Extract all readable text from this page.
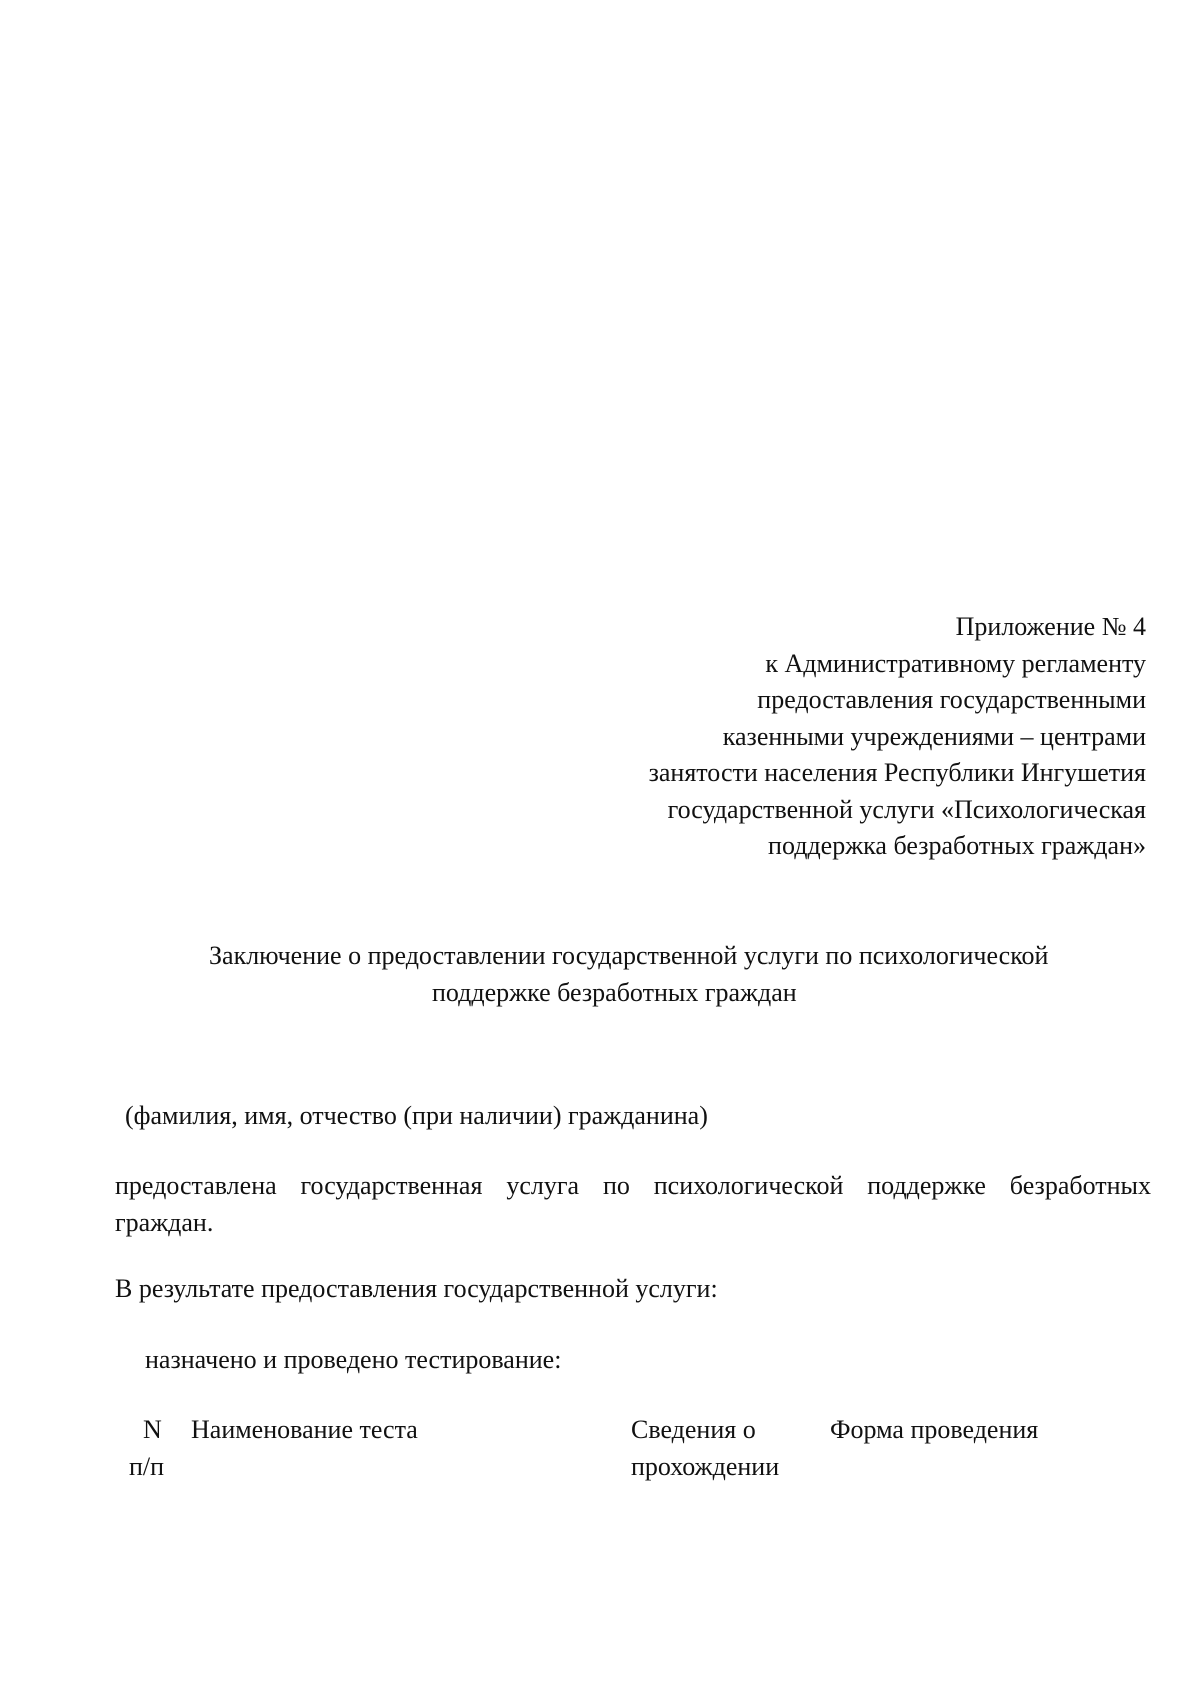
Приложение № 4
к Административному регламенту
предоставления государственными
казенными учреждениями – центрами
занятости населения Республики Ингушетия
государственной услуги «Психологическая
поддержка безработных граждан»
Заключение о предоставлении государственной услуги по психологической
поддержке безработных граждан
(фамилия, имя, отчество (при наличии) гражданина)
предоставлена государственная услуга по психологической поддержке безработных граждан.
В результате предоставления государственной услуги:
назначено и проведено тестирование:
N
п/п
Наименование теста	Сведения о
прохождении
Форма проведения
